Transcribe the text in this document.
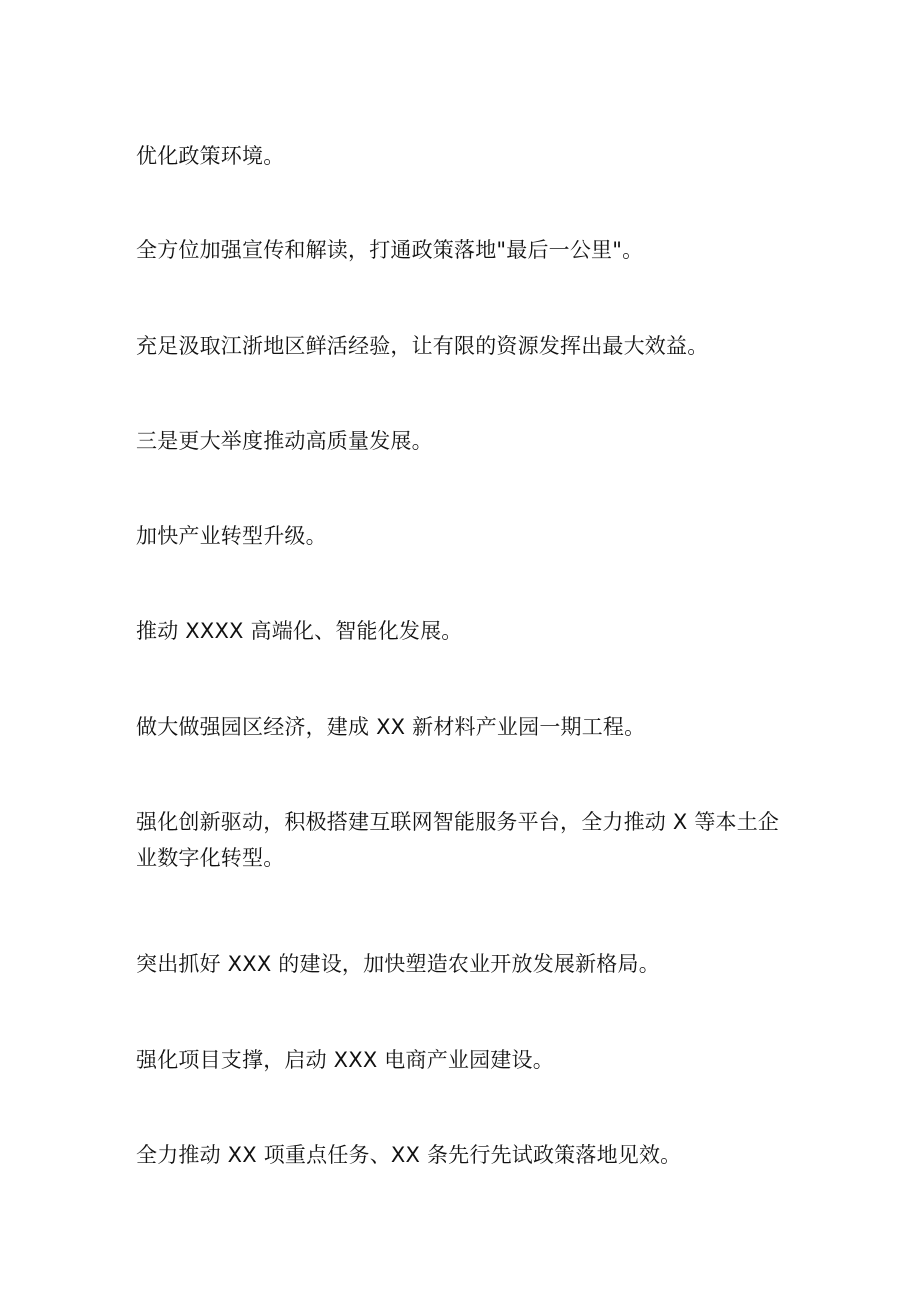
优化政策环境。

全方位加强宣传和解读，打通政策落地"最后一公里"。

充足汲取江浙地区鲜活经验，让有限的资源发挥出最大效益。

三是更大举度推动高质量发展。

加快产业转型升级。

推动 XXXX 高端化、智能化发展。

做大做强园区经济，建成 XX 新材料产业园一期工程。

强化创新驱动，积极搭建互联网智能服务平台，全力推动 X 等本土企业数字化转型。

突出抓好 XXX 的建设，加快塑造农业开放发展新格局。

强化项目支撑，启动 XXX 电商产业园建设。

全力推动 XX 项重点任务、XX 条先行先试政策落地见效。
